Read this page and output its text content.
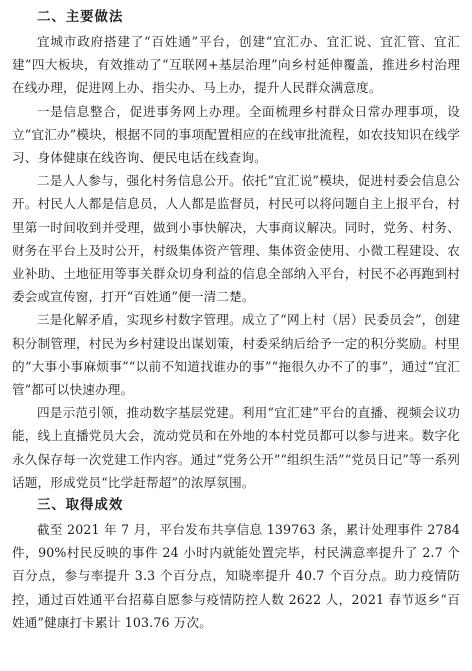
二、主要做法

宜城市政府搭建了“百姓通”平台，创建“宜汇办、宜汇说、宜汇管、宜汇建”四大板块，有效推动了“互联网+基层治理”向乡村延伸覆盖，推进乡村治理在线办理，促进网上办、指尖办、马上办，提升人民群众满意度。

一是信息整合，促进事务网上办理。全面梳理乡村群众日常办理事项，设立“宜汇办”模块，根据不同的事项配置相应的在线审批流程，如农技知识在线学习、身体健康在线咨询、便民电话在线查询。

二是人人参与，强化村务信息公开。依托“宜汇说”模块，促进村委会信息公开。村民人人都是信息员，人人都是监督员，村民可以将问题自主上报平台，村里第一时间收到并受理，做到小事快解决，大事商议解决。同时，党务、村务、财务在平台上及时公开，村级集体资产管理、集体资金使用、小微工程建设、农业补助、土地征用等事关群众切身利益的信息全部纳入平台，村民不必再跑到村委会或宣传窗，打开“百姓通”便一清二楚。

三是化解矛盾，实现乡村数字管理。成立了“网上村（居）民委员会”，创建积分制管理，村民为乡村建设出谋划策，村委采纳后给予一定的积分奖励。村里的“大事小事麻烦事”“以前不知道找谁办的事”“拖很久办不了的事”，通过“宜汇管”都可以快速办理。

四是示范引领，推动数字基层党建。利用“宜汇建”平台的直播、视频会议功能，线上直播党员大会，流动党员和在外地的本村党员都可以参与进来。数字化永久保存每一次党建工作内容。通过“党务公开”“组织生活”“党员日记”等一系列话题，形成党员“比学赶帮超”的浓厚氛围。

三、取得成效

截至 2021 年 7 月，平台发布共享信息 139763 条，累计处理事件 2784 件，90%村民反映的事件 24 小时内就能处置完毕，村民满意率提升了 2.7 个百分点，参与率提升 3.3 个百分点，知晓率提升 40.7 个百分点。助力疫情防控，通过百姓通平台招募自愿参与疫情防控人数 2622 人，2021 春节返乡“百姓通”健康打卡累计 103.76 万次。
